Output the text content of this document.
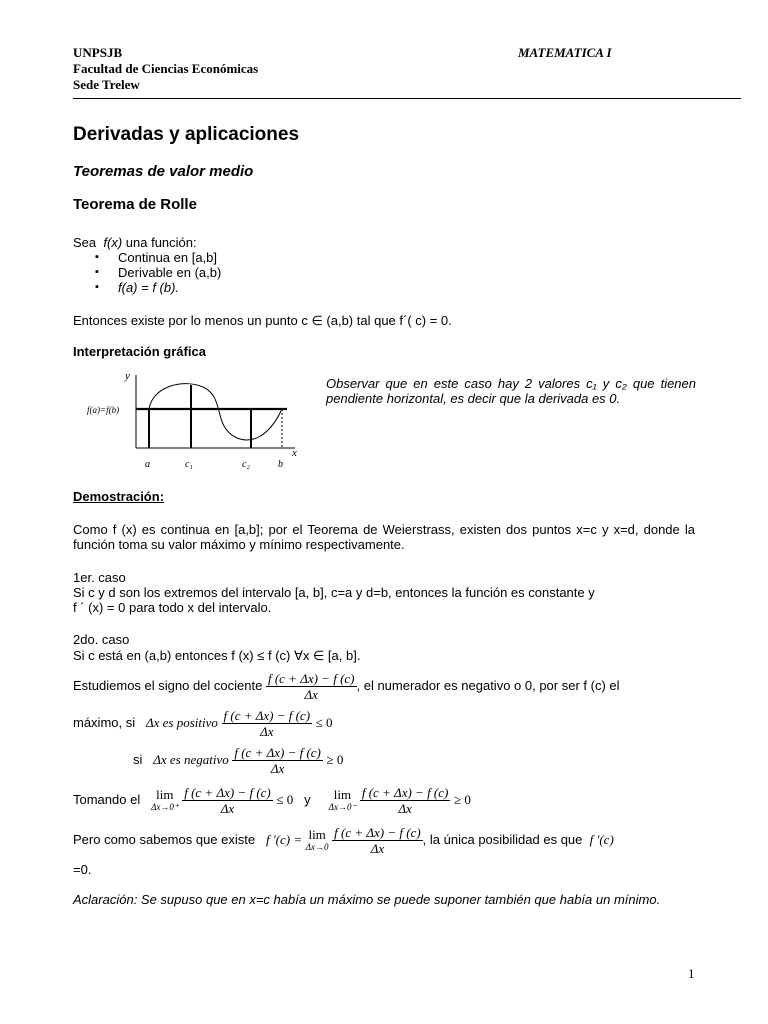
UNPSJB
Facultad de Ciencias Económicas
Sede Trelew
MATEMATICA I
Derivadas y aplicaciones
Teoremas de valor medio
Teorema de Rolle
Sea f(x) una función:
▪ Continua en [a,b]
▪ Derivable en (a,b)
▪ f(a) = f (b).
Entonces existe por lo menos un punto c ∈ (a,b) tal que f´( c) = 0.
Interpretación gráfica
y
x
f(a)=f(b)
a	c₁	c₂	b
Observar que en este caso hay 2 valores c₁ y c₂ que tienen pendiente horizontal, es decir que la derivada es 0.
Demostración:
Como f (x) es continua en [a,b]; por el Teorema de Weierstrass, existen dos puntos x=c y x=d, donde la función toma su valor máximo y mínimo respectivamente.
1er. caso
Si c y d son los extremos del intervalo [a, b], c=a y d=b, entonces la función es constante y
f ´ (x) = 0 para todo x del intervalo.
2do. caso
Si c está en (a,b) entonces f (x) ≤ f (c) ∀x ∈ [a, b].
Estudiemos el signo del cociente $\frac{f (c + \Delta x) - f (c)}{\Delta x}$ , el numerador es negativo o 0, por ser f (c) el
máximo, si Δx es positivo $\frac{f (c + \Delta x) - f (c)}{\Delta x} \le 0$
si Δx es negativo $\frac{f (c + \Delta x) - f (c)}{\Delta x} \ge 0$
Tomando el	lim
Δx→0⁺
$\frac{f (c + \Delta x) - f (c)}{\Delta x} \le 0$ y	lim
Δx→0⁻
$\frac{f (c + \Delta x) - f (c)}{\Delta x} \ge 0$
Pero como sabemos que existe f ′(c) = lim
Δx→0
$\frac{f (c + \Delta x) - f (c)}{\Delta x}$ , la única posibilidad es que f ′(c)
=0.
Aclaración: Se supuso que en x=c había un máximo se puede suponer también que había un mínimo.
1
